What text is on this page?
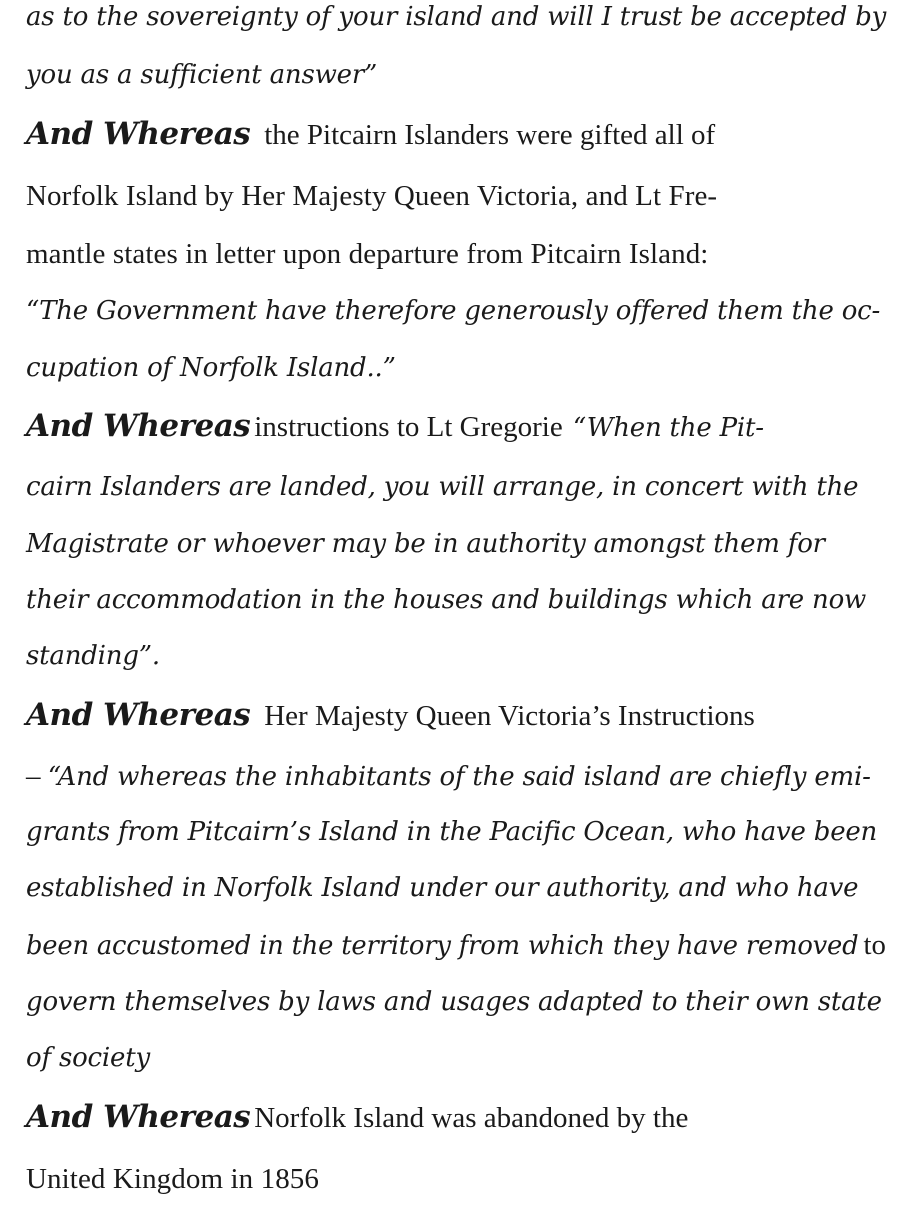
as to the sovereignty of your island and will I trust be accepted by
you as a sufficient answer”
And Whereas the Pitcairn Islanders were gifted all of
Norfolk Island by Her Majesty Queen Victoria, and Lt Fre-
mantle states in letter upon departure from Pitcairn Island:
“The Government have therefore generously offered them the oc-
cupation of Norfolk Island..”
And Whereas instructions to Lt Gregorie “When the Pit-
cairn Islanders are landed, you will arrange, in concert with the
Magistrate or whoever may be in authority amongst them for
their accommodation in the houses and buildings which are now
standing”.
And Whereas Her Majesty Queen Victoria’s Instructions
– “And whereas the inhabitants of the said island are chiefly emi-
grants from Pitcairn’s Island in the Pacific Ocean, who have been
established in Norfolk Island under our authority, and who have
been accustomed in the territory from which they have removed to
govern themselves by laws and usages adapted to their own state
of society
And Whereas Norfolk Island was abandoned by the
United Kingdom in 1856
